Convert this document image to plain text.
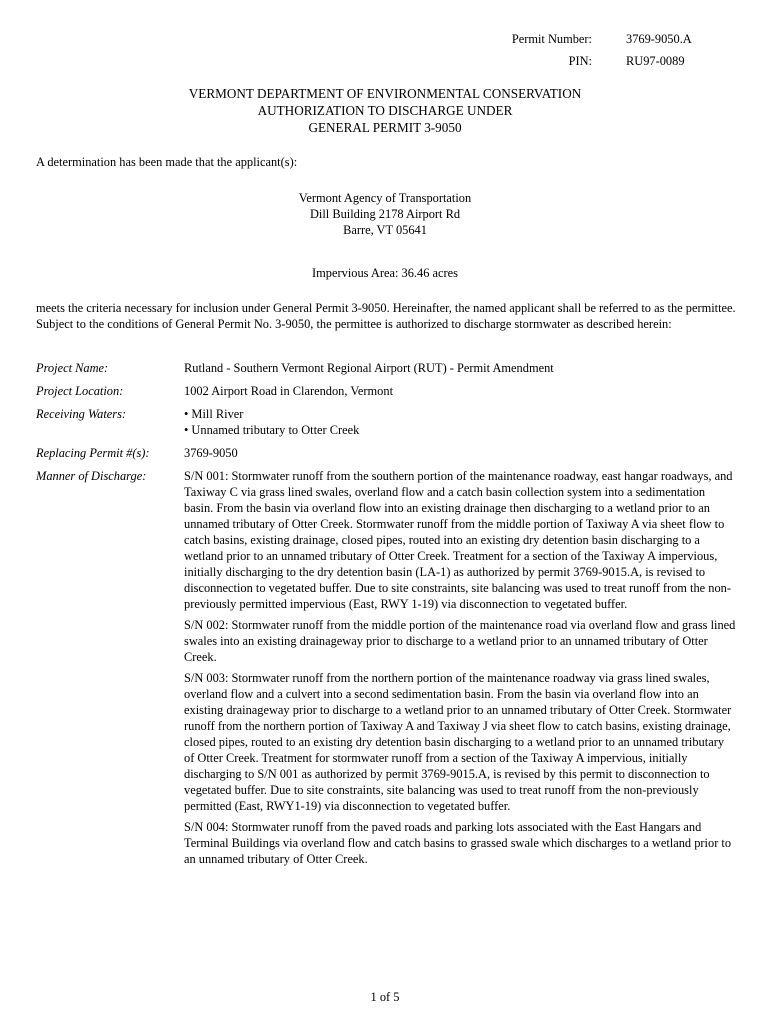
Permit Number:	3769-9050.A
PIN:	RU97-0089
VERMONT DEPARTMENT OF ENVIRONMENTAL CONSERVATION
AUTHORIZATION TO DISCHARGE UNDER
GENERAL PERMIT 3-9050
A determination has been made that the applicant(s):
Vermont Agency of Transportation
Dill Building 2178 Airport Rd
Barre, VT 05641
Impervious Area: 36.46 acres
meets the criteria necessary for inclusion under General Permit 3-9050. Hereinafter, the named applicant shall be referred to as the permittee. Subject to the conditions of General Permit No. 3-9050, the permittee is authorized to discharge stormwater as described herein:
Project Name:	Rutland - Southern Vermont Regional Airport (RUT) - Permit Amendment
Project Location:	1002 Airport Road in Clarendon, Vermont
Receiving Waters:	• Mill River
• Unnamed tributary to Otter Creek
Replacing Permit #(s):	3769-9050
Manner of Discharge:	S/N 001: Stormwater runoff from the southern portion of the maintenance roadway, east hangar roadways, and Taxiway C via grass lined swales, overland flow and a catch basin collection system into a sedimentation basin. From the basin via overland flow into an existing drainage then discharging to a wetland prior to an unnamed tributary of Otter Creek. Stormwater runoff from the middle portion of Taxiway A via sheet flow to catch basins, existing drainage, closed pipes, routed into an existing dry detention basin discharging to a wetland prior to an unnamed tributary of Otter Creek. Treatment for a section of the Taxiway A impervious, initially discharging to the dry detention basin (LA-1) as authorized by permit 3769-9015.A, is revised to disconnection to vegetated buffer. Due to site constraints, site balancing was used to treat runoff from the non-previously permitted impervious (East, RWY 1-19) via disconnection to vegetated buffer.

S/N 002: Stormwater runoff from the middle portion of the maintenance road via overland flow and grass lined swales into an existing drainageway prior to discharge to a wetland prior to an unnamed tributary of Otter Creek.

S/N 003: Stormwater runoff from the northern portion of the maintenance roadway via grass lined swales, overland flow and a culvert into a second sedimentation basin. From the basin via overland flow into an existing drainageway prior to discharge to a wetland prior to an unnamed tributary of Otter Creek. Stormwater runoff from the northern portion of Taxiway A and Taxiway J via sheet flow to catch basins, existing drainage, closed pipes, routed to an existing dry detention basin discharging to a wetland prior to an unnamed tributary of Otter Creek. Treatment for stormwater runoff from a section of the Taxiway A impervious, initially discharging to S/N 001 as authorized by permit 3769-9015.A, is revised by this permit to disconnection to vegetated buffer. Due to site constraints, site balancing was used to treat runoff from the non-previously permitted (East, RWY1-19) via disconnection to vegetated buffer.

S/N 004: Stormwater runoff from the paved roads and parking lots associated with the East Hangars and Terminal Buildings via overland flow and catch basins to grassed swale which discharges to a wetland prior to an unnamed tributary of Otter Creek.

1 of 5
